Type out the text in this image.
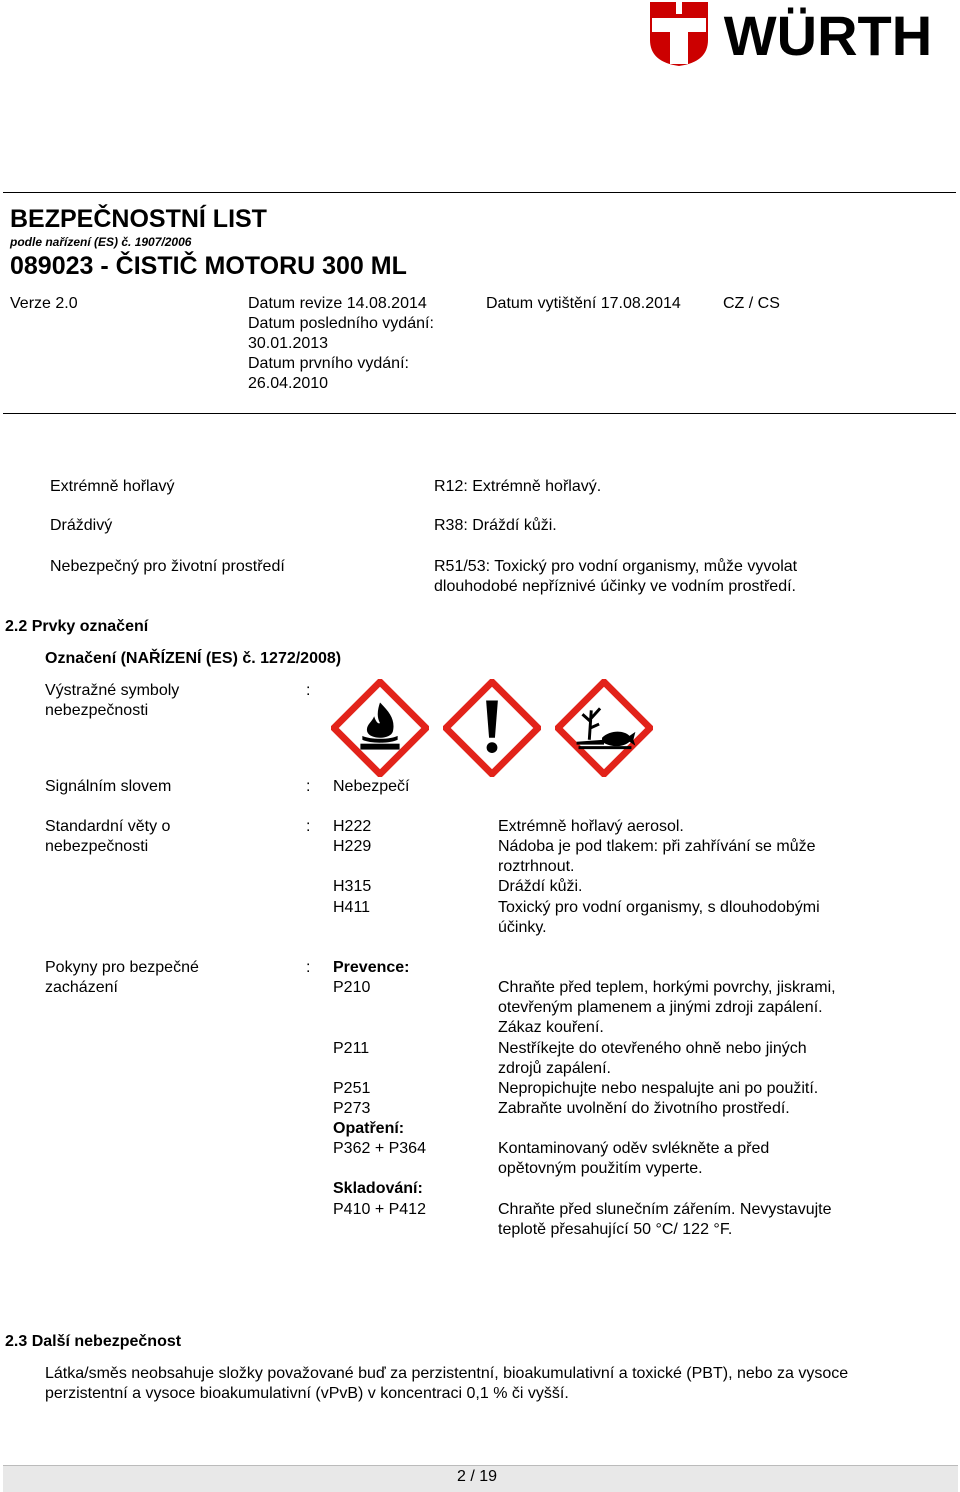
WÜRTH
BEZPEČNOSTNÍ LIST
podle nařízení (ES) č. 1907/2006
089023 - ČISTIČ MOTORU 300 ML
Verze 2.0	Datum revize 14.08.2014
Datum posledního vydání:
30.01.2013
Datum prvního vydání:
26.04.2010
Datum vytištění 17.08.2014	CZ / CS
Extrémně hořlavý	R12: Extrémně hořlavý.
Dráždivý	R38: Dráždí kůži.
Nebezpečný pro životní prostředí	R51/53: Toxický pro vodní organismy, může vyvolat
dlouhodobé nepříznivé účinky ve vodním prostředí.
2.2 Prvky označení
Označení (NAŘÍZENÍ (ES) č. 1272/2008)
Výstražné symboly
nebezpečnosti
:
Signálním slovem	: Nebezpečí
Standardní věty o
nebezpečnosti
: H222	Extrémně hořlavý aerosol.
H229	Nádoba je pod tlakem: při zahřívání se může
roztrhnout.
H315	Dráždí kůži.
H411	Toxický pro vodní organismy, s dlouhodobými
účinky.
Pokyny pro bezpečné
zacházení
: Prevence:
P210	Chraňte před teplem, horkými povrchy, jiskrami,
otevřeným plamenem a jinými zdroji zapálení.
Zákaz kouření.
P211	Nestříkejte do otevřeného ohně nebo jiných
zdrojů zapálení.
P251	Nepropichujte nebo nespalujte ani po použití.
P273	Zabraňte uvolnění do životního prostředí.
Opatření:
P362 + P364	Kontaminovaný oděv svlékněte a před
opětovným použitím vyperte.
Skladování:
P410 + P412	Chraňte před slunečním zářením. Nevystavujte
teplotě přesahující 50 °C/ 122 °F.
2.3 Další nebezpečnost
Látka/směs neobsahuje složky považované buď za perzistentní, bioakumulativní a toxické (PBT), nebo za vysoce
perzistentní a vysoce bioakumulativní (vPvB) v koncentraci 0,1 % či vyšší.
2 / 19
